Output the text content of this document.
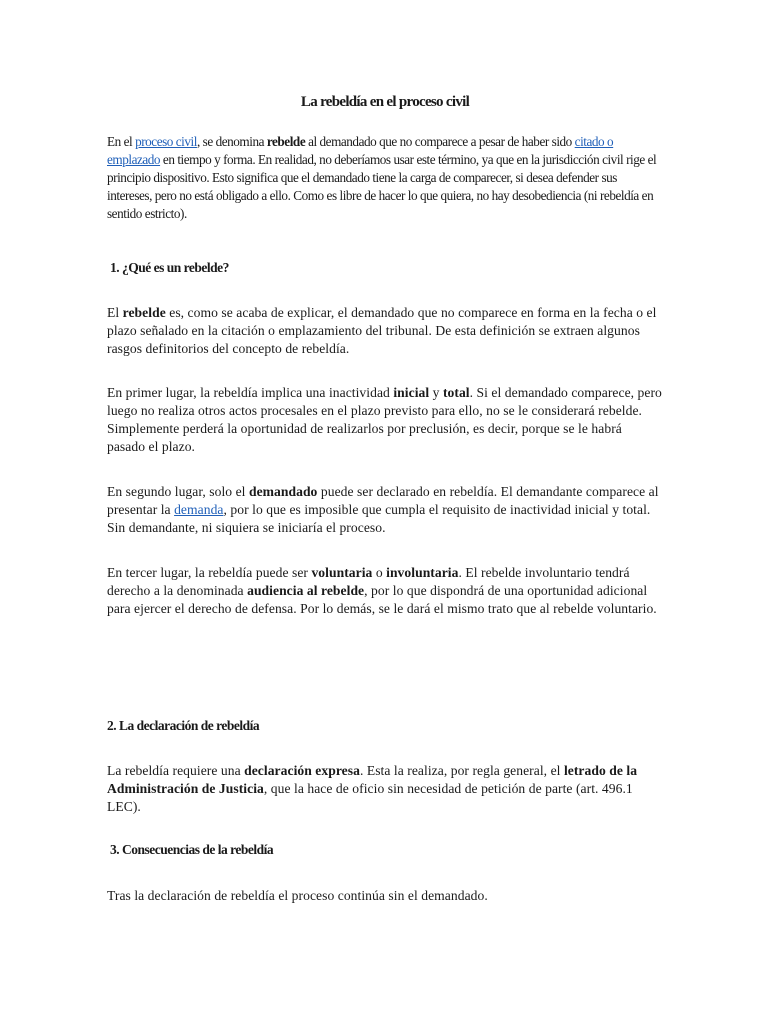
La rebeldía en el proceso civil

En el proceso civil, se denomina rebelde al demandado que no comparece a pesar de haber sido citado o emplazado en tiempo y forma. En realidad, no deberíamos usar este término, ya que en la jurisdicción civil rige el principio dispositivo. Esto significa que el demandado tiene la carga de comparecer, si desea defender sus intereses, pero no está obligado a ello. Como es libre de hacer lo que quiera, no hay desobediencia (ni rebeldía en sentido estricto).

1. ¿Qué es un rebelde?

El rebelde es, como se acaba de explicar, el demandado que no comparece en forma en la fecha o el plazo señalado en la citación o emplazamiento del tribunal. De esta definición se extraen algunos rasgos definitorios del concepto de rebeldía.

En primer lugar, la rebeldía implica una inactividad inicial y total. Si el demandado comparece, pero luego no realiza otros actos procesales en el plazo previsto para ello, no se le considerará rebelde. Simplemente perderá la oportunidad de realizarlos por preclusión, es decir, porque se le habrá pasado el plazo.

En segundo lugar, solo el demandado puede ser declarado en rebeldía. El demandante comparece al presentar la demanda, por lo que es imposible que cumpla el requisito de inactividad inicial y total. Sin demandante, ni siquiera se iniciaría el proceso.

En tercer lugar, la rebeldía puede ser voluntaria o involuntaria. El rebelde involuntario tendrá derecho a la denominada audiencia al rebelde, por lo que dispondrá de una oportunidad adicional para ejercer el derecho de defensa. Por lo demás, se le dará el mismo trato que al rebelde voluntario.

2. La declaración de rebeldía

La rebeldía requiere una declaración expresa. Esta la realiza, por regla general, el letrado de la Administración de Justicia, que la hace de oficio sin necesidad de petición de parte (art. 496.1 LEC).

3. Consecuencias de la rebeldía

Tras la declaración de rebeldía el proceso continúa sin el demandado.
